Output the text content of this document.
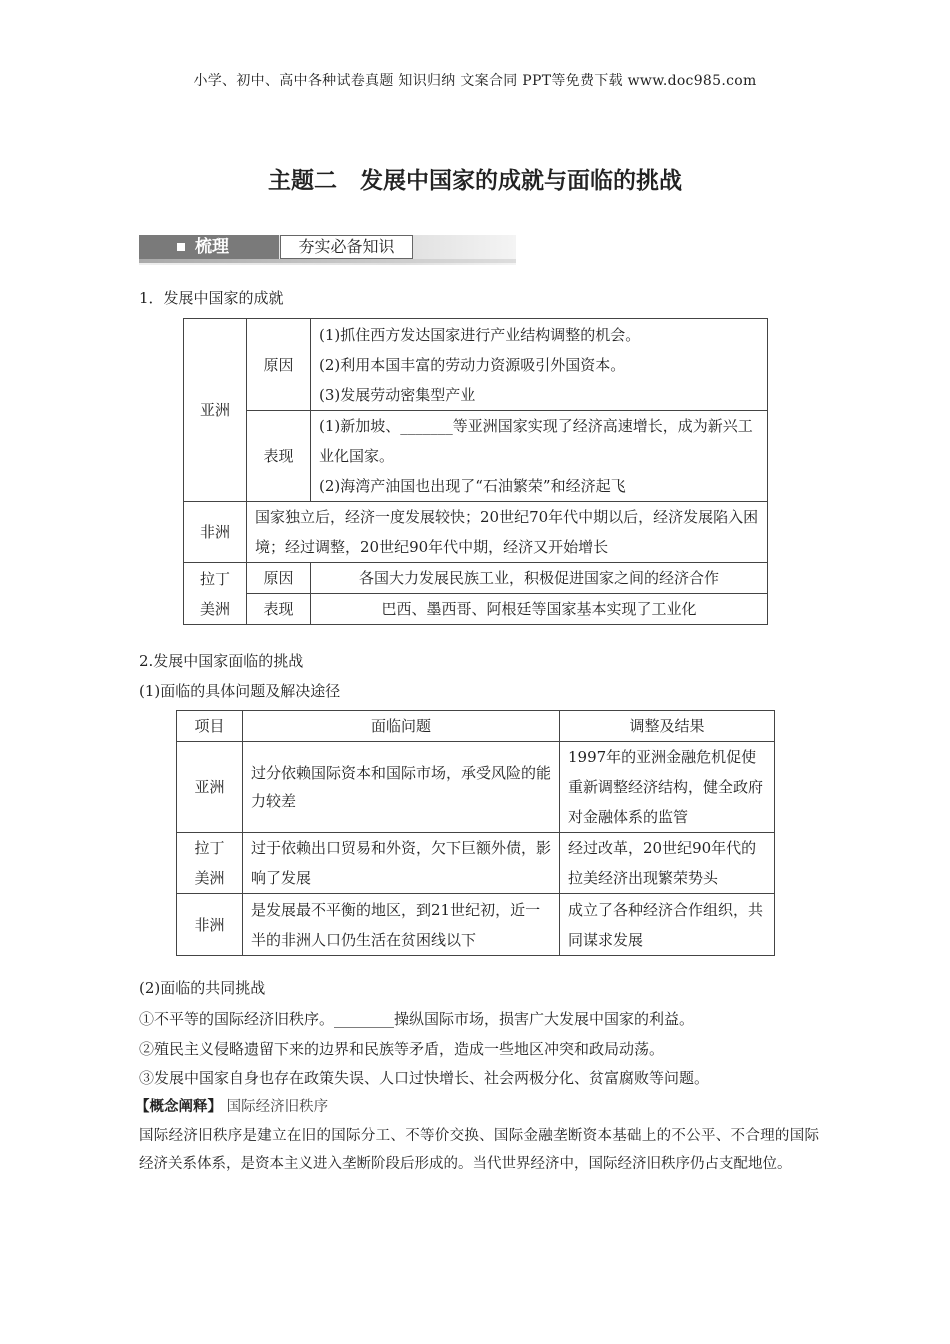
小学、初中、高中各种试卷真题 知识归纳 文案合同 PPT等免费下载 www.doc985.com
主题二　发展中国家的成就与面临的挑战
梳理	夯实必备知识
1．发展中国家的成就
亚洲	原因	(1)抓住西方发达国家进行产业结构调整的机会。
(2)利用本国丰富的劳动力资源吸引外国资本。
(3)发展劳动密集型产业

	表现	(1)新加坡、_______等亚洲国家实现了经济高速增长，成为新兴工业化国家。
(2)海湾产油国也出现了“石油繁荣”和经济起飞

非洲	国家独立后，经济一度发展较快；20世纪70年代中期以后，经济发展陷入困境；经过调整，20世纪90年代中期，经济又开始增长	

拉丁
美洲	原因	各国大力发展民族工业，积极促进国家之间的经济合作
	表现	巴西、墨西哥、阿根廷等国家基本实现了工业化
2.发展中国家面临的挑战
(1)面临的具体问题及解决途径
项目	面临问题	调整及结果
亚洲	过分依赖国际资本和国际市场，承受风险的能力较差	1997年的亚洲金融危机促使重新调整经济结构，健全政府对金融体系的监管

拉丁
美洲	过于依赖出口贸易和外资，欠下巨额外债，影响了发展	经过改革，20世纪90年代的拉美经济出现繁荣势头
非洲	是发展最不平衡的地区，到21世纪初，近一半的非洲人口仍生活在贫困线以下	成立了各种经济合作组织，共同谋求发展
(2)面临的共同挑战
①不平等的国际经济旧秩序。________操纵国际市场，损害广大发展中国家的利益。
②殖民主义侵略遗留下来的边界和民族等矛盾，造成一些地区冲突和政局动荡。
③发展中国家自身也存在政策失误、人口过快增长、社会两极分化、贫富腐败等问题。
【概念阐释】 国际经济旧秩序
国际经济旧秩序是建立在旧的国际分工、不等价交换、国际金融垄断资本基础上的不公平、不合理的国际经济关系体系，是资本主义进入垄断阶段后形成的。当代世界经济中，国际经济旧秩序仍占支配地位。
